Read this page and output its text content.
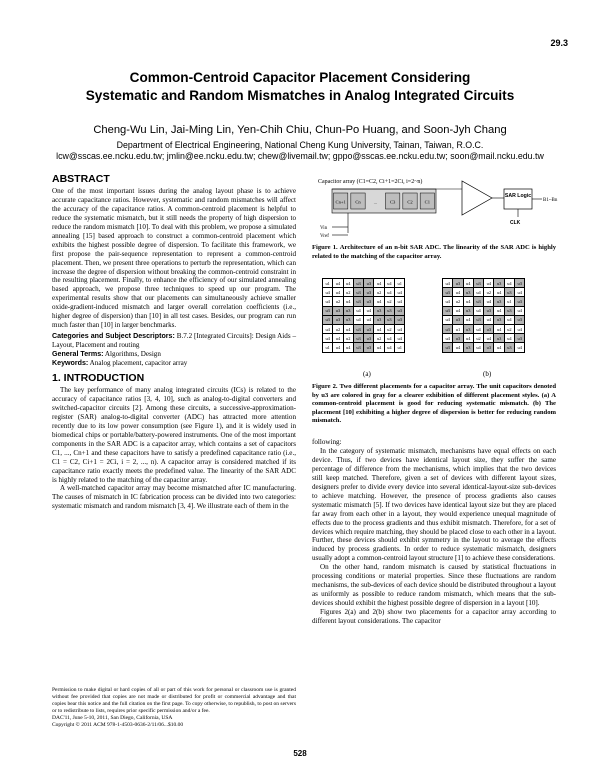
29.3
Common-Centroid Capacitor Placement Considering
Systematic and Random Mismatches in Analog Integrated Circuits
Cheng-Wu Lin, Jai-Ming Lin, Yen-Chih Chiu, Chun-Po Huang, and Soon-Jyh Chang
Department of Electrical Engineering, National Cheng Kung University, Tainan, Taiwan, R.O.C.
lcw@sscas.ee.ncku.edu.tw; jmlin@ee.ncku.edu.tw; chew@livemail.tw; gppo@sscas.ee.ncku.edu.tw; soon@mail.ncku.edu.tw
ABSTRACT

One of the most important issues during the analog layout phase is to achieve accurate capacitance ratios. However, systematic and random mismatches will affect the accuracy of the capacitance ratios. A common-centroid placement is helpful to reduce the systematic mismatch, but it still needs the property of high dispersion to reduce the random mismatch [10]. To deal with this problem, we propose a simulated annealing [15] based approach to construct a common-centroid placement which exhibits the highest possible degree of dispersion. To facilitate this framework, we first propose the pair-sequence representation to represent a common-centroid placement. Then, we present three operations to perturb the representation, which can increase the degree of dispersion without breaking the common-centroid constraint in the resulting placement. Finally, to enhance the efficiency of our simulated annealing based approach, we propose three techniques to speed up our program. The experimental results show that our placements can simultaneously achieve smaller oxide-gradient-induced mismatch and larger overall correlation coefficients (i.e., higher degree of dispersion) than [10] in all test cases. Besides, our program can run much faster than [10] in larger benchmarks.

Categories and Subject Descriptors: B.7.2 [Integrated Circuits]: Design Aids – Layout, Placement and routing

General Terms: Algorithms, Design

Keywords: Analog placement, capacitor array

1. INTRODUCTION

The key performance of many analog integrated circuits (ICs) is related to the accuracy of capacitance ratios [3, 4, 10], such as analog-to-digital converters and switched-capacitor circuits [2]. Among these circuits, a successive-approximation-register (SAR) analog-to-digital converter (ADC) has attracted more attention recently due to its low power consumption (see Figure 1), and it is widely used in biomedical chips or portable/battery-powered instruments. One of the most important components in the SAR ADC is a capacitor array, which contains a set of capacitors C1, ..., Cn+1 and these capacitors have to satisfy a predefined capacitance ratio (i.e., C1 = C2, Ci+1 = 2Ci, i = 2, ..., n). A capacitor array is considered matched if its capacitance ratio exactly meets the predefined value. The linearity of the SAR ADC is highly related to the matching of the capacitor array.

A well-matched capacitor array may become mismatched after IC manufacturing. The causes of mismatch in IC fabrication process can be divided into two categories: systematic mismatch and random mismatch [3, 4]. We illustrate each of them in the

Permission to make digital or hard copies of all or part of this work for personal or classroom use is granted without fee provided that copies are not made or distributed for profit or commercial advantage and that copies bear this notice and the full citation on the first page. To copy otherwise, to republish, to post on servers or to redistribute to lists, requires prior specific permission and/or a fee.

DAC'11, June 5-10, 2011, San Diego, California, USA

Copyright © 2011 ACM 978-1-4503-0636-2/11/06...$10.00

Capacitor array (C1=C2, Ci+1=2Ci, i=2~n)
Cn+1 Cn	...	C3	C2	C1
SAR Logic
B1~Bn
CLK
Vin
Vref
Figure 1. Architecture of an n-bit SAR ADC. The linearity of the SAR ADC is highly related to the matching of the capacitor array.
u1	u4	u4	u3	u3	u4	u4	u1
u4	u4	u2	u3	u3	u2	u4	u4
u4	u2	u4	u3	u3	u4	u2	u4
u3	u3	u3	u4	u4	u3	u3	u3
u3	u3	u3	u4	u4	u3	u3	u3
u4	u2	u4	u3	u3	u4	u2	u4
u4	u4	u2	u3	u3	u2	u4	u4
u1	u4	u4	u3	u3	u4	u4	u1
u4	u3	u4	u3	u4	u3	u4	u3
u3	u4	u3	u4	u2	u4	u3	u4
u4	u2	u4	u3	u4	u3	u1	u3
u3	u4	u3	u4	u3	u4	u3	u4
u4	u3	u4	u3	u4	u3	u4	u3
u3	u1	u3	u4	u3	u4	u2	u4
u4	u3	u4	u2	u4	u3	u4	u3
u3	u4	u3	u4	u3	u4	u3	u4
(a)	(b)
Figure 2. Two different placements for a capacitor array. The unit capacitors denoted by u3 are colored in gray for a clearer exhibition of different placement styles. (a) A common-centroid placement is good for reducing systematic mismatch. (b) The placement [10] exhibiting a higher degree of dispersion is better for reducing random mismatch.

following:

In the category of systematic mismatch, mechanisms have equal effects on each device. Thus, if two devices have identical layout size, they suffer the same percentage of difference from the mechanisms, which implies that the two devices still keep matched. Therefore, given a set of devices with different layout sizes, designers prefer to divide every device into several identical-layout-size sub-devices to achieve matching. However, the presence of process gradients also causes systematic mismatch [5]. If two devices have identical layout size but they are placed far away from each other in a layout, they would experience unequal magnitude of effects due to the process gradients and thus exhibit mismatch. Therefore, for a set of devices which require matching, they should be placed close to each other in a layout. Further, these devices should exhibit symmetry in the layout to average the effects induced by process gradients. In order to reduce systematic mismatch, designers usually adopt a common-centroid layout structure [1] to achieve these considerations.

On the other hand, random mismatch is caused by statistical fluctuations in processing conditions or material properties. Since these fluctuations are random mechanisms, the sub-devices of each device should be distributed throughout a layout as uniformly as possible to reduce random mismatch, which means that the sub-devices should exhibit the highest possible degree of dispersion in a layout [10].

Figures 2(a) and 2(b) show two placements for a capacitor array according to different layout considerations. The capacitor

528
